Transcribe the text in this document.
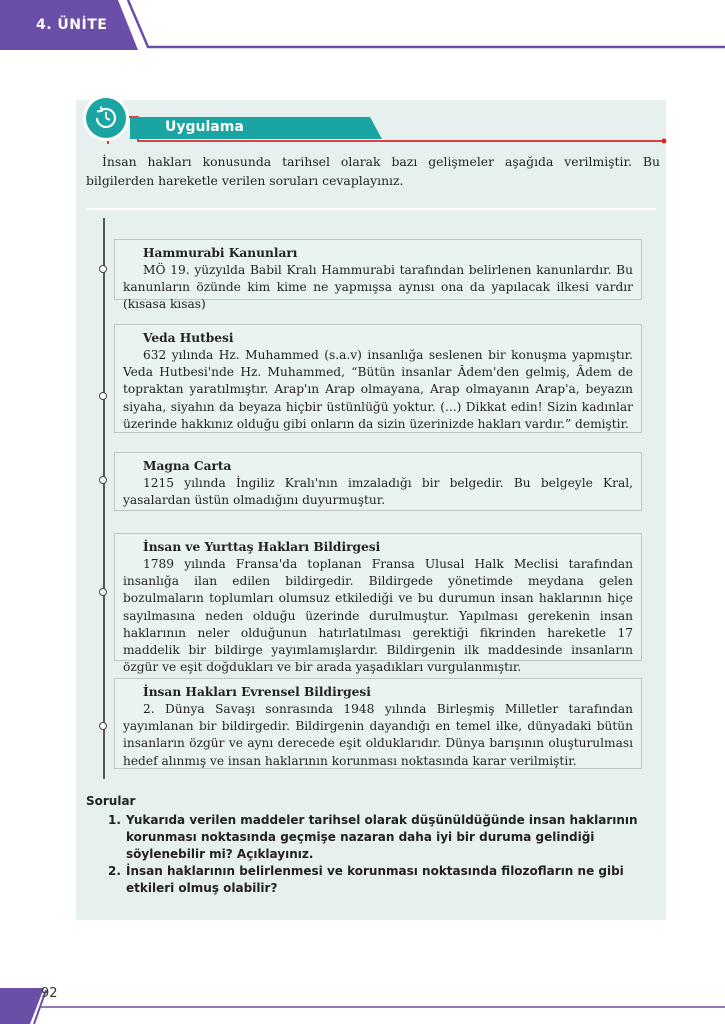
4. ÜNİTE
Uygulama
İnsan hakları konusunda tarihsel olarak bazı gelişmeler aşağıda verilmiştir. Bu bilgilerden hareketle verilen soruları cevaplayınız.
Hammurabi Kanunları
MÖ 19. yüzyılda Babil Kralı Hammurabi tarafından belirlenen kanunlardır. Bu kanunların özünde kim kime ne yapmışsa aynısı ona da yapılacak ilkesi vardır (kısasa kısas)
Veda Hutbesi
632 yılında Hz. Muhammed (s.a.v) insanlığa seslenen bir konuşma yapmıştır. Veda Hutbesi'nde Hz. Muhammed, “Bütün insanlar Âdem'den gelmiş, Âdem de topraktan yaratılmıştır. Arap'ın Arap olmayana, Arap olmayanın Arap'a, beyazın siyaha, siyahın da beyaza hiçbir üstünlüğü yoktur. (...) Dikkat edin! Sizin kadınlar üzerinde hakkınız olduğu gibi onların da sizin üzerinizde hakları vardır.” demiştir.
Magna Carta
1215 yılında İngiliz Kralı'nın imzaladığı bir belgedir. Bu belgeyle Kral, yasalardan üstün olmadığını duyurmuştur.
İnsan ve Yurttaş Hakları Bildirgesi
1789 yılında Fransa'da toplanan Fransa Ulusal Halk Meclisi tarafından insanlığa ilan edilen bildirgedir. Bildirgede yönetimde meydana gelen bozulmaların toplumları olumsuz etkilediği ve bu durumun insan haklarının hiçe sayılmasına neden olduğu üzerinde durulmuştur. Yapılması gerekenin insan haklarının neler olduğunun hatırlatılması gerektiği fikrinden hareketle 17 maddelik bir bildirge yayımlamışlardır. Bildirgenin ilk maddesinde insanların özgür ve eşit doğdukları ve bir arada yaşadıkları vurgulanmıştır.
İnsan Hakları Evrensel Bildirgesi
2. Dünya Savaşı sonrasında 1948 yılında Birleşmiş Milletler tarafından yayımlanan bir bildirgedir. Bildirgenin dayandığı en temel ilke, dünyadaki bütün insanların özgür ve aynı derecede eşit olduklarıdır. Dünya barışının oluşturulması hedef alınmış ve insan haklarının korunması noktasında karar verilmiştir.
Sorular
1. Yukarıda verilen maddeler tarihsel olarak düşünüldüğünde insan haklarının korunması noktasında geçmişe nazaran daha iyi bir duruma gelindiği söylenebilir mi? Açıklayınız.
2. İnsan haklarının belirlenmesi ve korunması noktasında filozofların ne gibi etkileri olmuş olabilir?
92
